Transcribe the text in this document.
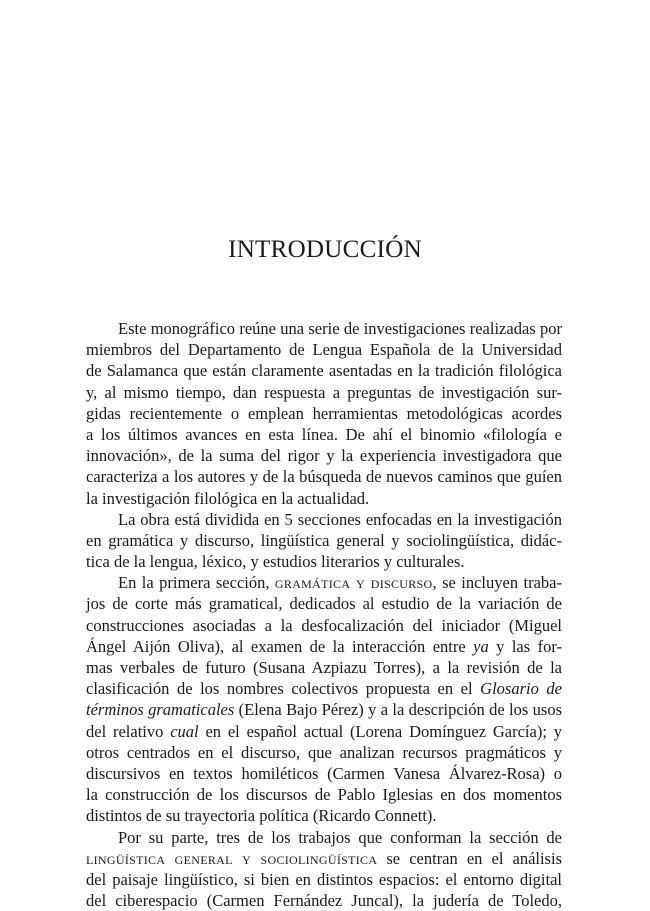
INTRODUCCIÓN
Este monográfico reúne una serie de investigaciones realizadas por
miembros del Departamento de Lengua Española de la Universidad
de Salamanca que están claramente asentadas en la tradición filológica
y, al mismo tiempo, dan respuesta a preguntas de investigación sur-
gidas recientemente o emplean herramientas metodológicas acordes
a los últimos avances en esta línea. De ahí el binomio «filología e
innovación», de la suma del rigor y la experiencia investigadora que
caracteriza a los autores y de la búsqueda de nuevos caminos que guíen
la investigación filológica en la actualidad.
La obra está dividida en 5 secciones enfocadas en la investigación
en gramática y discurso, lingüística general y sociolingüística, didác-
tica de la lengua, léxico, y estudios literarios y culturales.
En la primera sección, gramática y discurso, se incluyen traba-
jos de corte más gramatical, dedicados al estudio de la variación de
construcciones asociadas a la desfocalización del iniciador (Miguel
Ángel Aijón Oliva), al examen de la interacción entre ya y las for-
mas verbales de futuro (Susana Azpiazu Torres), a la revisión de la
clasificación de los nombres colectivos propuesta en el Glosario de
términos gramaticales (Elena Bajo Pérez) y a la descripción de los usos
del relativo cual en el español actual (Lorena Domínguez García); y
otros centrados en el discurso, que analizan recursos pragmáticos y
discursivos en textos homiléticos (Carmen Vanesa Álvarez-Rosa) o
la construcción de los discursos de Pablo Iglesias en dos momentos
distintos de su trayectoria política (Ricardo Connett).
Por su parte, tres de los trabajos que conforman la sección de
lingüística general y sociolingüística se centran en el análisis
del paisaje lingüístico, si bien en distintos espacios: el entorno digital
del ciberespacio (Carmen Fernández Juncal), la judería de Toledo,
